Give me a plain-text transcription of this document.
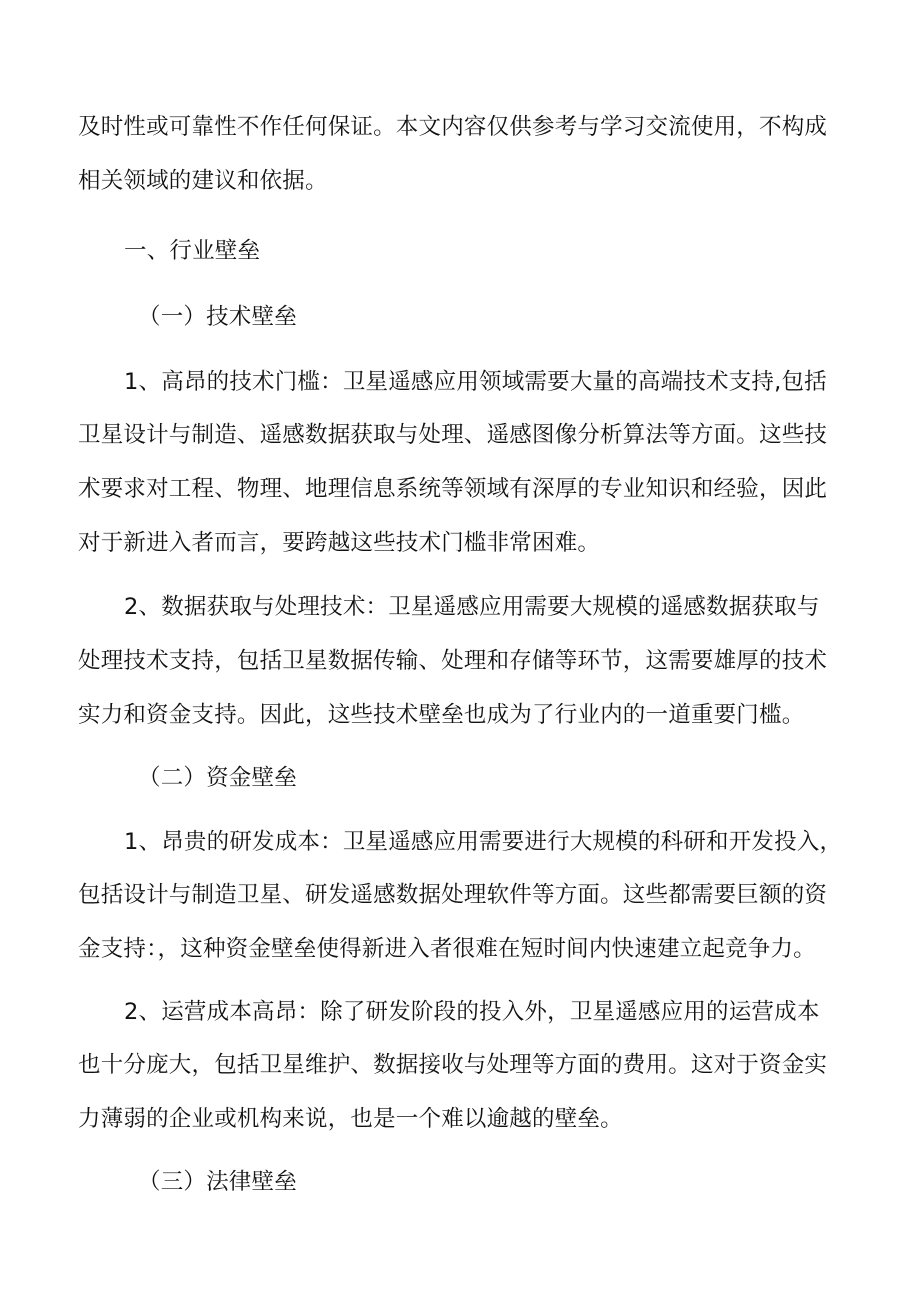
及时性或可靠性不作任何保证。本文内容仅供参考与学习交流使用，不构成
相关领域的建议和依据。
一、行业壁垒
（一）技术壁垒
1、高昂的技术门槛：卫星遥感应用领域需要大量的高端技术支持,包括
卫星设计与制造、遥感数据获取与处理、遥感图像分析算法等方面。这些技
术要求对工程、物理、地理信息系统等领域有深厚的专业知识和经验，因此
对于新进入者而言，要跨越这些技术门槛非常困难。
2、数据获取与处理技术：卫星遥感应用需要大规模的遥感数据获取与
处理技术支持，包括卫星数据传输、处理和存储等环节，这需要雄厚的技术
实力和资金支持。因此，这些技术壁垒也成为了行业内的一道重要门槛。
（二）资金壁垒
1、昂贵的研发成本：卫星遥感应用需要进行大规模的科研和开发投入，
包括设计与制造卫星、研发遥感数据处理软件等方面。这些都需要巨额的资
金支持：，这种资金壁垒使得新进入者很难在短时间内快速建立起竞争力。
2、运营成本高昂：除了研发阶段的投入外，卫星遥感应用的运营成本
也十分庞大，包括卫星维护、数据接收与处理等方面的费用。这对于资金实
力薄弱的企业或机构来说，也是一个难以逾越的壁垒。
（三）法律壁垒
